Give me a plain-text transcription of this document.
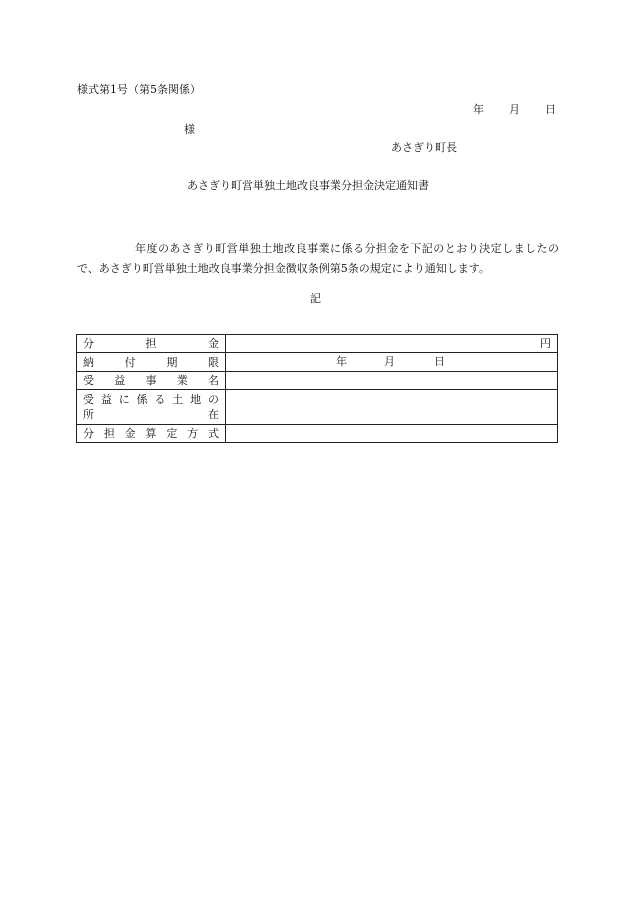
様式第1号（第5条関係）
年 月 日
様
あさぎり町長
あさぎり町営単独土地改良事業分担金決定通知書
年度のあさぎり町営単独土地改良事業に係る分担金を下記のとおり決定しましたので、あさぎり町営単独土地改良事業分担金徴収条例第5条の規定により通知します。
記
分担金	円
納付期限	年 月 日

受益事業名	

受益に係る土地の
所在	

分担金算定方式	
